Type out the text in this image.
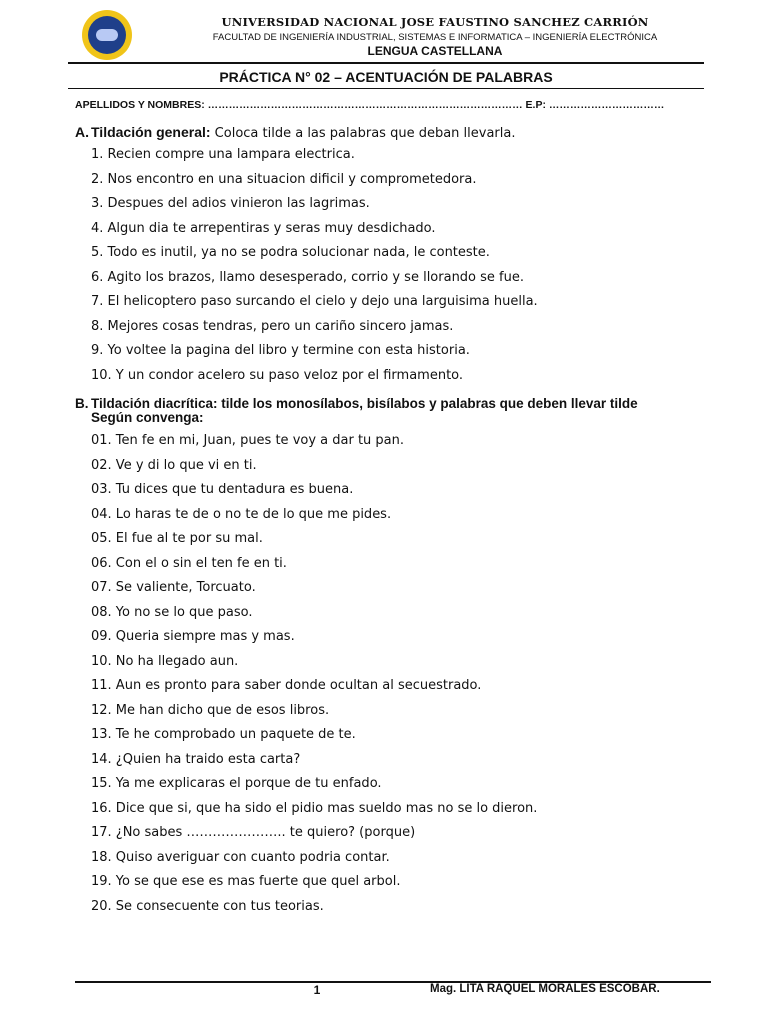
UNIVERSIDAD NACIONAL JOSE FAUSTINO SANCHEZ CARRIÓN
FACULTAD DE INGENIERÍA INDUSTRIAL, SISTEMAS E INFORMATICA – INGENIERÍA ELECTRÓNICA
LENGUA CASTELLANA
PRÁCTICA N° 02 – ACENTUACIÓN DE PALABRAS
APELLIDOS Y NOMBRES: ……………………………………………………………………………… E.P: ……………………………
A. Tildación general: Coloca tilde a las palabras que deban llevarla.
1. Recien compre una lampara electrica.
2. Nos encontro en una situacion dificil y comprometedora.
3. Despues del adios vinieron las lagrimas.
4. Algun dia te arrepentiras y seras muy desdichado.
5. Todo es inutil, ya no se podra solucionar nada, le conteste.
6. Agito los brazos, llamo desesperado, corrio y se llorando se fue.
7. El helicoptero paso surcando el cielo y dejo una larguisima huella.
8. Mejores cosas tendras, pero un cariño sincero jamas.
9. Yo voltee la pagina del libro y termine con esta historia.
10. Y un condor acelero su paso veloz por el firmamento.
B. Tildación diacrítica: tilde los monosílabos, bisílabos y palabras que deben llevar tilde
Según convenga:
01. Ten fe en mi, Juan, pues te voy a dar tu pan.
02. Ve y di lo que vi en ti.
03. Tu dices que tu dentadura es buena.
04. Lo haras te de o no te de lo que me pides.
05. El fue al te por su mal.
06. Con el o sin el ten fe en ti.
07. Se valiente, Torcuato.
08. Yo no se lo que paso.
09. Queria siempre mas y mas.
10. No ha llegado aun.
11. Aun es pronto para saber donde ocultan al secuestrado.
12. Me han dicho que de esos libros.
13. Te he comprobado un paquete de te.
14. ¿Quien ha traido esta carta?
15. Ya me explicaras el porque de tu enfado.
16. Dice que si, que ha sido el pidio mas sueldo mas no se lo dieron.
17. ¿No sabes ………………….. te quiero? (porque)
18. Quiso averiguar con cuanto podria contar.
19. Yo se que ese es mas fuerte que quel arbol.
20. Se consecuente con tus teorias.
1	Mag. LITA RAQUEL MORALES ESCOBAR.
